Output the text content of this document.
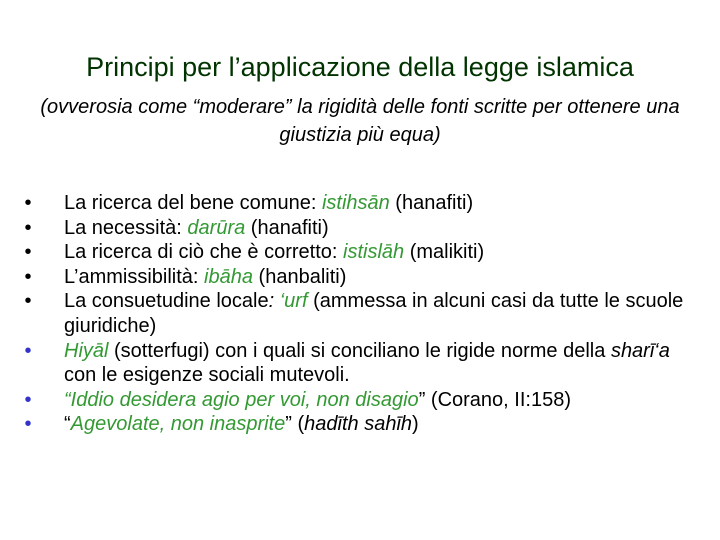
Principi per l’applicazione della legge islamica
(ovverosia come “moderare” la rigidità delle fonti scritte per ottenere una giustizia più equa)
• La ricerca del bene comune: istihsān (hanafiti)
• La necessità: darūra (hanafiti)
• La ricerca di ciò che è corretto: istislāh (malikiti)
• L’ammissibilità: ibāha (hanbaliti)
• La consuetudine locale: ‘urf (ammessa in alcuni casi da tutte le scuole giuridiche)
• Hiyāl (sotterfugi) con i quali si conciliano le rigide norme della sharī‘a con le esigenze sociali mutevoli.
• “Iddio desidera agio per voi, non disagio” (Corano, II:158)
• “Agevolate, non inasprite” (hadīth sahīh)
